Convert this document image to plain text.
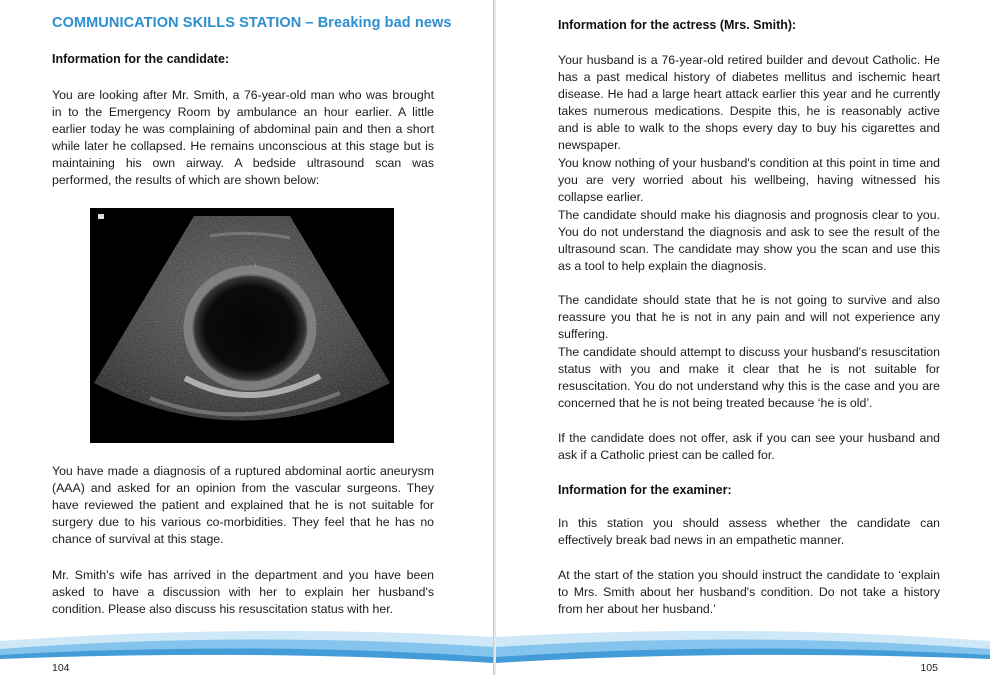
COMMUNICATION SKILLS STATION – Breaking bad news
Information for the candidate:

You are looking after Mr. Smith, a 76-year-old man who was brought in to the Emergency Room by ambulance an hour earlier. A little earlier today he was complaining of abdominal pain and then a short while later he collapsed. He remains unconscious at this stage but is maintaining his own airway. A bedside ultrasound scan was performed, the results of which are shown below:

+

You have made a diagnosis of a ruptured abdominal aortic aneurysm (AAA) and asked for an opinion from the vascular surgeons. They have reviewed the patient and explained that he is not suitable for surgery due to his various co-morbidities. They feel that he has no chance of survival at this stage.

Mr. Smith's wife has arrived in the department and you have been asked to have a discussion with her to explain her husband's condition. Please also discuss his resuscitation status with her.

104
Information for the actress (Mrs. Smith):

Your husband is a 76-year-old retired builder and devout Catholic. He has a past medical history of diabetes mellitus and ischemic heart disease. He had a large heart attack earlier this year and he currently takes numerous medications. Despite this, he is reasonably active and is able to walk to the shops every day to buy his cigarettes and newspaper.

You know nothing of your husband's condition at this point in time and you are very worried about his wellbeing, having witnessed his collapse earlier.

The candidate should make his diagnosis and prognosis clear to you. You do not understand the diagnosis and ask to see the result of the ultrasound scan. The candidate may show you the scan and use this as a tool to help explain the diagnosis.

The candidate should state that he is not going to survive and also reassure you that he is not in any pain and will not experience any suffering.

The candidate should attempt to discuss your husband's resuscitation status with you and make it clear that he is not suitable for resuscitation. You do not understand why this is the case and you are concerned that he is not being treated because ‘he is old’.

If the candidate does not offer, ask if you can see your husband and ask if a Catholic priest can be called for.

Information for the examiner:

In this station you should assess whether the candidate can effectively break bad news in an empathetic manner.

At the start of the station you should instruct the candidate to ‘explain to Mrs. Smith about her husband's condition. Do not take a history from her about her husband.’

105
